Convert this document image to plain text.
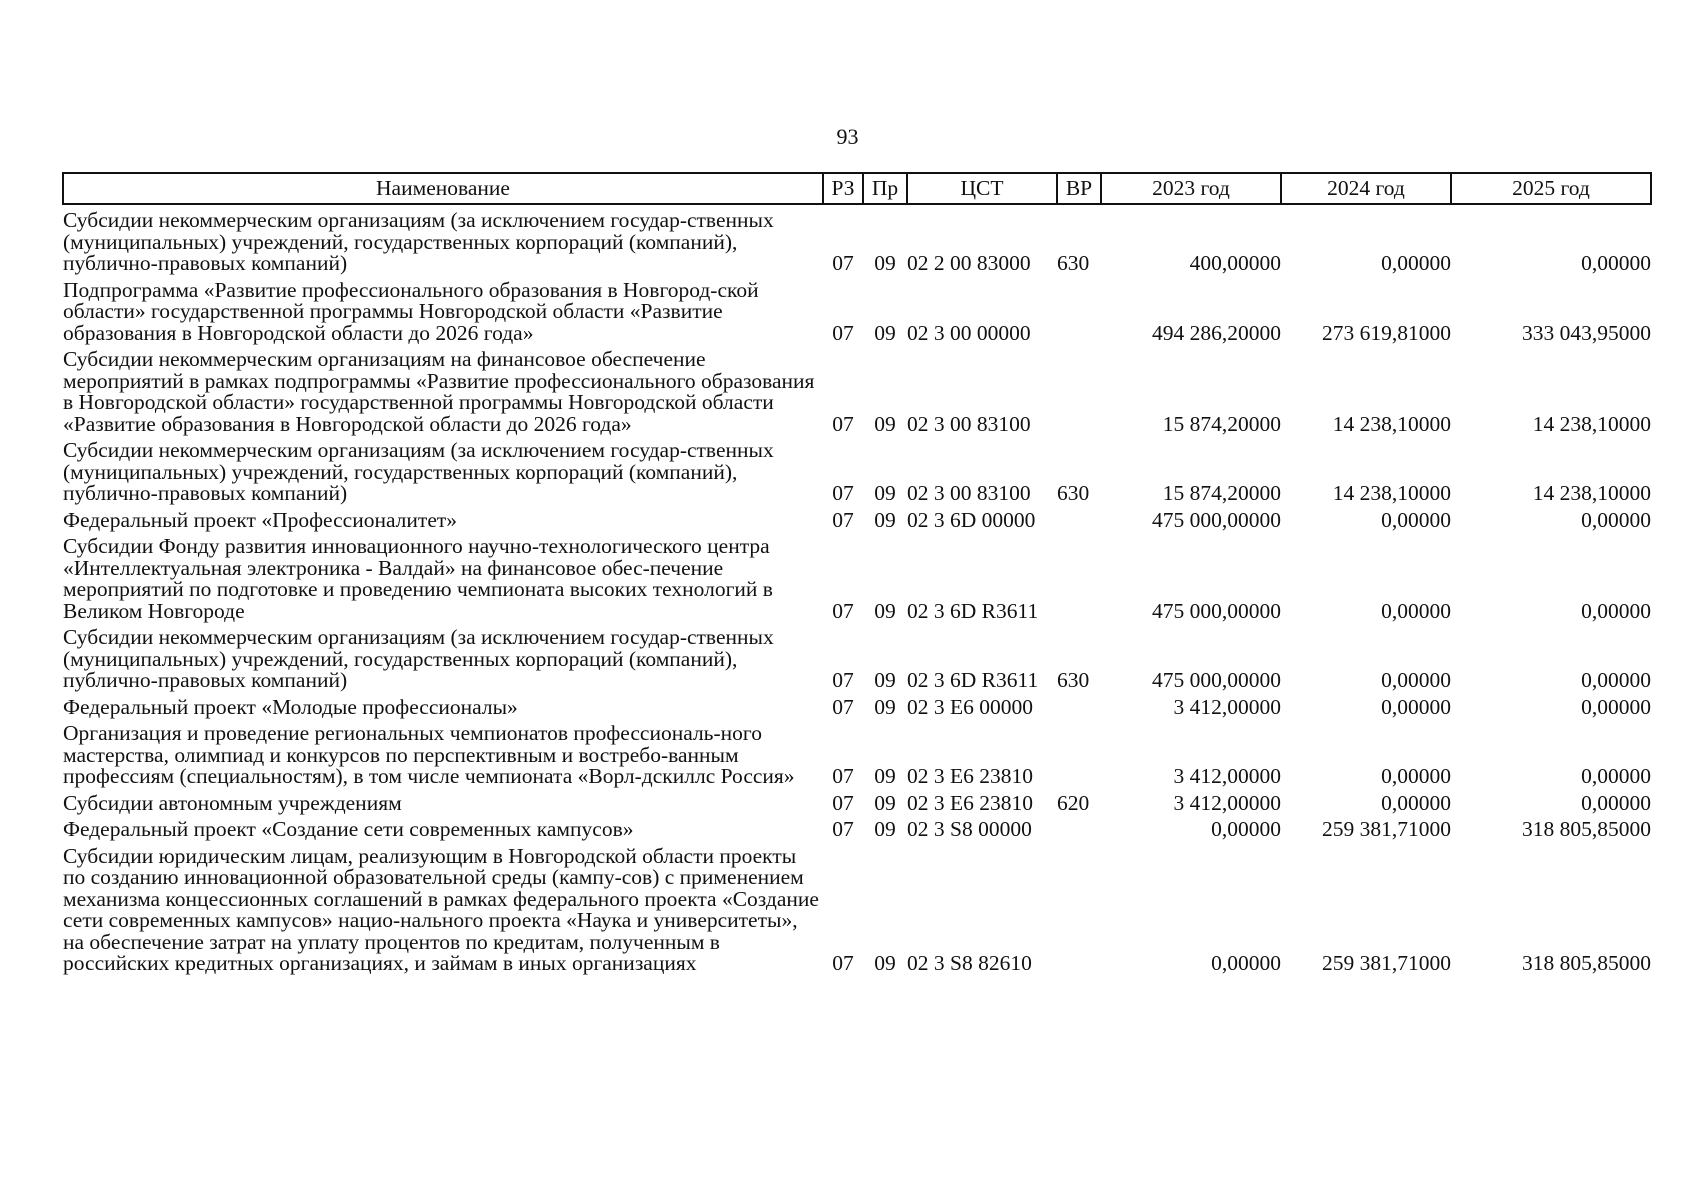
93
Наименование	РЗ	Пр	ЦСТ	ВР	2023 год	2024 год	2025 год
Субсидии некоммерческим организациям (за исключением государ-ственных (муниципальных) учреждений, государственных корпораций (компаний), публично-правовых компаний)	07	09	02 2 00 83000	630	400,00000	0,00000	0,00000
Подпрограмма «Развитие профессионального образования в Новгород-ской области» государственной программы Новгородской области «Развитие образования в Новгородской области до 2026 года»	07	09	02 3 00 00000		494 286,20000	273 619,81000	333 043,95000
Субсидии некоммерческим организациям на финансовое обеспечение мероприятий в рамках подпрограммы «Развитие профессионального образования в Новгородской области» государственной программы Новгородской области «Развитие образования в Новгородской области до 2026 года»	07	09	02 3 00 83100		15 874,20000	14 238,10000	14 238,10000
Субсидии некоммерческим организациям (за исключением государ-ственных (муниципальных) учреждений, государственных корпораций (компаний), публично-правовых компаний)	07	09	02 3 00 83100	630	15 874,20000	14 238,10000	14 238,10000
Федеральный проект «Профессионалитет»	07	09	02 3 6D 00000		475 000,00000	0,00000	0,00000
Субсидии Фонду развития инновационного научно-технологического центра «Интеллектуальная электроника - Валдай» на финансовое обес-печение мероприятий по подготовке и проведению чемпионата высоких технологий в Великом Новгороде	07	09	02 3 6D R3611		475 000,00000	0,00000	0,00000
Субсидии некоммерческим организациям (за исключением государ-ственных (муниципальных) учреждений, государственных корпораций (компаний), публично-правовых компаний)	07	09	02 3 6D R3611	630	475 000,00000	0,00000	0,00000
Федеральный проект «Молодые профессионалы»	07	09	02 3 E6 00000		3 412,00000	0,00000	0,00000
Организация и проведение региональных чемпионатов профессиональ-ного мастерства, олимпиад и конкурсов по перспективным и востребо-ванным профессиям (специальностям), в том числе чемпионата «Ворл-дскиллс Россия»	07	09	02 3 E6 23810		3 412,00000	0,00000	0,00000
Субсидии автономным учреждениям	07	09	02 3 E6 23810	620	3 412,00000	0,00000	0,00000
Федеральный проект «Создание сети современных кампусов»	07	09	02 3 S8 00000		0,00000	259 381,71000	318 805,85000
Субсидии юридическим лицам, реализующим в Новгородской области проекты по созданию инновационной образовательной среды (кампу-сов) с применением механизма концессионных соглашений в рамках федерального проекта «Создание сети современных кампусов» нацио-нального проекта «Наука и университеты», на обеспечение затрат на уплату процентов по кредитам, полученным в российских кредитных организациях, и займам в иных организациях	07	09	02 3 S8 82610		0,00000	259 381,71000	318 805,85000
